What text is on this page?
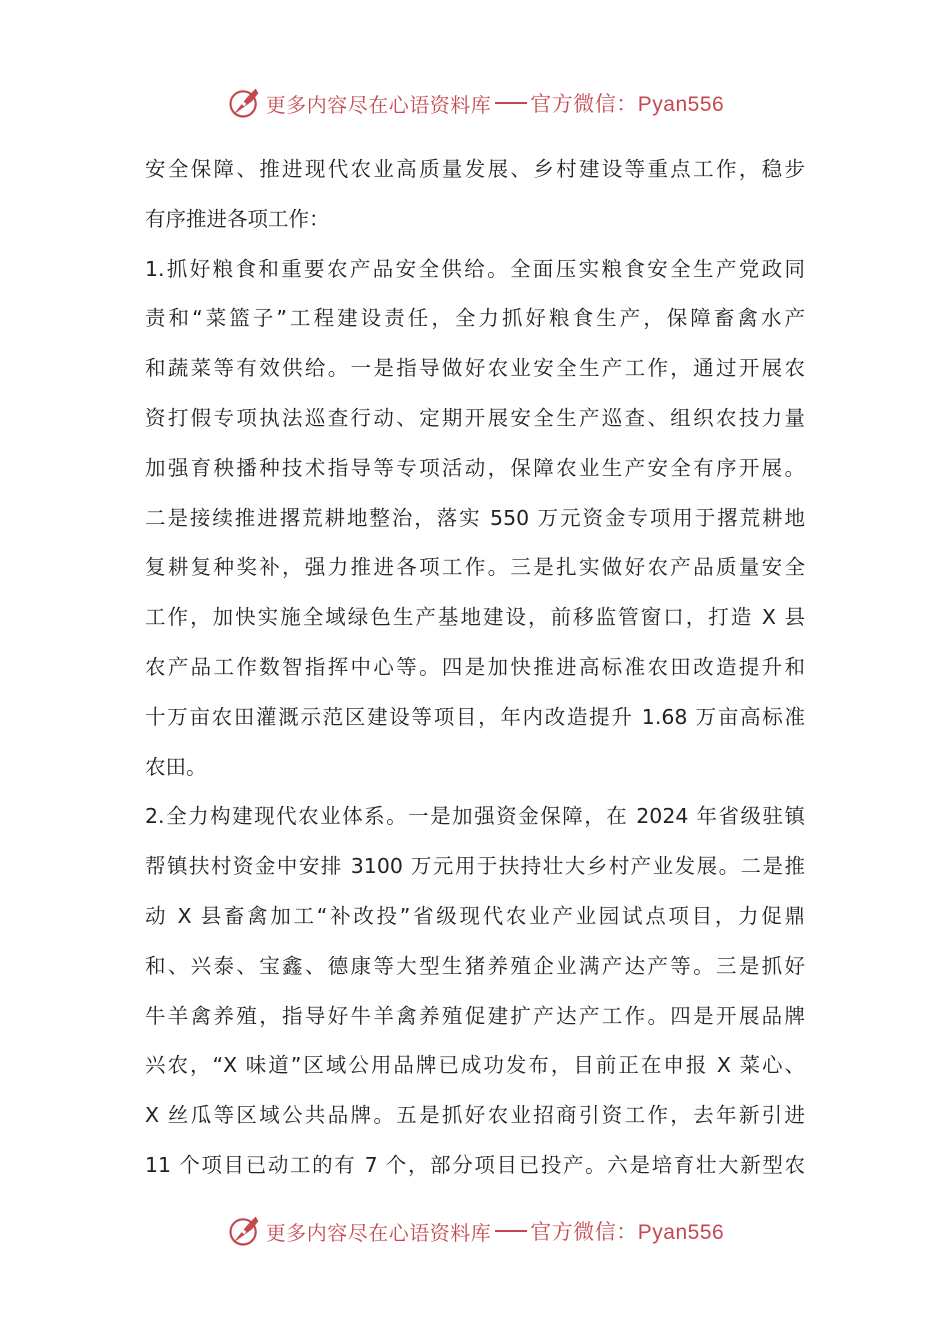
更多内容尽在心语资料库 官方微信：Pyan556
安全保障、推进现代农业高质量发展、乡村建设等重点工作，稳步
有序推进各项工作：
1.抓好粮食和重要农产品安全供给。全面压实粮食安全生产党政同
责和“菜篮子”工程建设责任，全力抓好粮食生产，保障畜禽水产
和蔬菜等有效供给。一是指导做好农业安全生产工作，通过开展农
资打假专项执法巡查行动、定期开展安全生产巡查、组织农技力量
加强育秧播种技术指导等专项活动，保障农业生产安全有序开展。
二是接续推进撂荒耕地整治，落实 550 万元资金专项用于撂荒耕地
复耕复种奖补，强力推进各项工作。三是扎实做好农产品质量安全
工作，加快实施全域绿色生产基地建设，前移监管窗口，打造 X 县
农产品工作数智指挥中心等。四是加快推进高标准农田改造提升和
十万亩农田灌溉示范区建设等项目，年内改造提升 1.68 万亩高标准
农田。
2.全力构建现代农业体系。一是加强资金保障，在 2024 年省级驻镇
帮镇扶村资金中安排 3100 万元用于扶持壮大乡村产业发展。二是推
动 X 县畜禽加工“补改投”省级现代农业产业园试点项目，力促鼎
和、兴泰、宝鑫、德康等大型生猪养殖企业满产达产等。三是抓好
牛羊禽养殖，指导好牛羊禽养殖促建扩产达产工作。四是开展品牌
兴农，“X 味道”区域公用品牌已成功发布，目前正在申报 X 菜心、
X 丝瓜等区域公共品牌。五是抓好农业招商引资工作，去年新引进
11 个项目已动工的有 7 个，部分项目已投产。六是培育壮大新型农
更多内容尽在心语资料库 官方微信：Pyan556
